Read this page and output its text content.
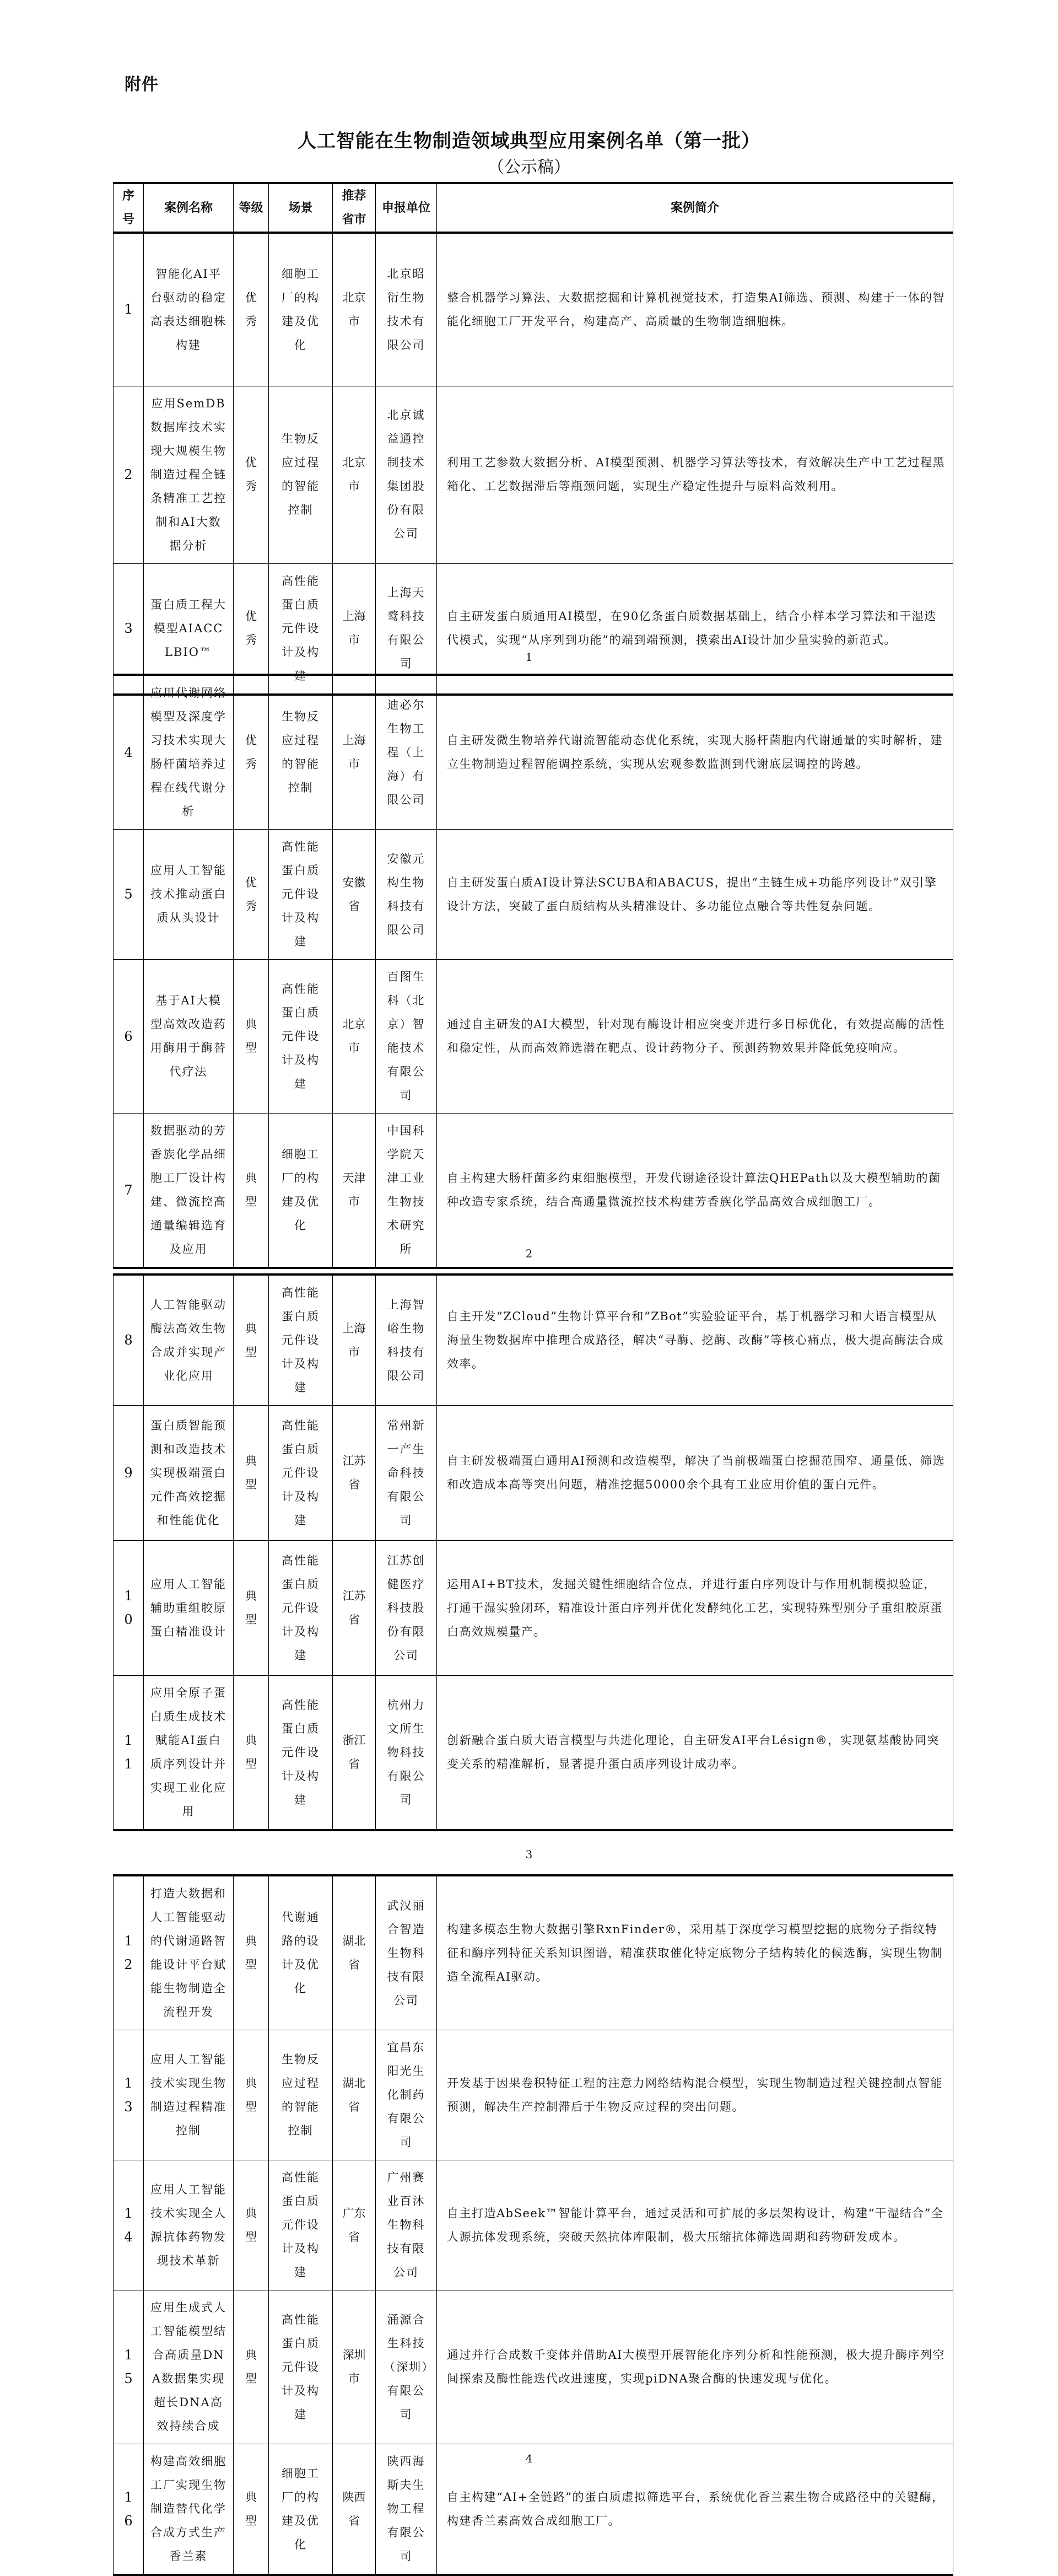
附件
人工智能在生物制造领域典型应用案例名单（第一批）
（公示稿）
序号	案例名称	等级	场景	推荐省市	申报单位	案例简介
1	智能化AI平台驱动的稳定高表达细胞株构建	优秀	细胞工厂的构建及优化	北京市	北京昭衍生物技术有限公司	整合机器学习算法、大数据挖掘和计算机视觉技术，打造集AI筛选、预测、构建于一体的智能化细胞工厂开发平台，构建高产、高质量的生物制造细胞株。
2	应用SemDB数据库技术实现大规模生物制造过程全链条精准工艺控制和AI大数据分析	优秀	生物反应过程的智能控制	北京市	北京诚益通控制技术集团股份有限公司	利用工艺参数大数据分析、AI模型预测、机器学习算法等技术，有效解决生产中工艺过程黑箱化、工艺数据滞后等瓶颈问题，实现生产稳定性提升与原料高效利用。
3	蛋白质工程大模型AIACCLBIO™	优秀	高性能蛋白质元件设计及构建	上海市	上海天鹜科技有限公司	自主研发蛋白质通用AI模型，在90亿条蛋白质数据基础上，结合小样本学习算法和干湿迭代模式，实现“从序列到功能”的端到端预测，摸索出AI设计加少量实验的新范式。
1
4	应用代谢网络模型及深度学习技术实现大肠杆菌培养过程在线代谢分析	优秀	生物反应过程的智能控制	上海市	迪必尔生物工程（上海）有限公司	自主研发微生物培养代谢流智能动态优化系统，实现大肠杆菌胞内代谢通量的实时解析，建立生物制造过程智能调控系统，实现从宏观参数监测到代谢底层调控的跨越。
5	应用人工智能技术推动蛋白质从头设计	优秀	高性能蛋白质元件设计及构建	安徽省	安徽元构生物科技有限公司	自主研发蛋白质AI设计算法SCUBA和ABACUS，提出“主链生成+功能序列设计”双引擎设计方法，突破了蛋白质结构从头精准设计、多功能位点融合等共性复杂问题。
6	基于AI大模型高效改造药用酶用于酶替代疗法	典型	高性能蛋白质元件设计及构建	北京市	百图生科（北京）智能技术有限公司	通过自主研发的AI大模型，针对现有酶设计相应突变并进行多目标优化，有效提高酶的活性和稳定性，从而高效筛选潜在靶点、设计药物分子、预测药物效果并降低免疫响应。
7	数据驱动的芳香族化学品细胞工厂设计构建、微流控高通量编辑选育及应用	典型	细胞工厂的构建及优化	天津市	中国科学院天津工业生物技术研究所	自主构建大肠杆菌多约束细胞模型，开发代谢途径设计算法QHEPath以及大模型辅助的菌种改造专家系统，结合高通量微流控技术构建芳香族化学品高效合成细胞工厂。
2
8	人工智能驱动酶法高效生物合成并实现产业化应用	典型	高性能蛋白质元件设计及构建	上海市	上海智峪生物科技有限公司	自主开发“ZCloud”生物计算平台和“ZBot”实验验证平台，基于机器学习和大语言模型从海量生物数据库中推理合成路径，解决“寻酶、挖酶、改酶”等核心痛点，极大提高酶法合成效率。
9	蛋白质智能预测和改造技术实现极端蛋白元件高效挖掘和性能优化	典型	高性能蛋白质元件设计及构建	江苏省	常州新一产生命科技有限公司	自主研发极端蛋白通用AI预测和改造模型，解决了当前极端蛋白挖掘范围窄、通量低、筛选和改造成本高等突出问题，精准挖掘50000余个具有工业应用价值的蛋白元件。
10	应用人工智能辅助重组胶原蛋白精准设计	典型	高性能蛋白质元件设计及构建	江苏省	江苏创健医疗科技股份有限公司	运用AI+BT技术，发掘关键性细胞结合位点，并进行蛋白序列设计与作用机制模拟验证，打通干湿实验闭环，精准设计蛋白序列并优化发酵纯化工艺，实现特殊型别分子重组胶原蛋白高效规模量产。
11	应用全原子蛋白质生成技术赋能AI蛋白质序列设计并实现工业化应用	典型	高性能蛋白质元件设计及构建	浙江省	杭州力文所生物科技有限公司	创新融合蛋白质大语言模型与共进化理论，自主研发AI平台Lésign®，实现氨基酸协同突变关系的精准解析，显著提升蛋白质序列设计成功率。
3
12	打造大数据和人工智能驱动的代谢通路智能设计平台赋能生物制造全流程开发	典型	代谢通路的设计及优化	湖北省	武汉丽合智造生物科技有限公司	构建多模态生物大数据引擎RxnFinder®，采用基于深度学习模型挖掘的底物分子指纹特征和酶序列特征关系知识图谱，精准获取催化特定底物分子结构转化的候选酶，实现生物制造全流程AI驱动。
13	应用人工智能技术实现生物制造过程精准控制	典型	生物反应过程的智能控制	湖北省	宜昌东阳光生化制药有限公司	开发基于因果卷积特征工程的注意力网络结构混合模型，实现生物制造过程关键控制点智能预测，解决生产控制滞后于生物反应过程的突出问题。
14	应用人工智能技术实现全人源抗体药物发现技术革新	典型	高性能蛋白质元件设计及构建	广东省	广州赛业百沐生物科技有限公司	自主打造AbSeek™智能计算平台，通过灵活和可扩展的多层架构设计，构建“干湿结合”全人源抗体发现系统，突破天然抗体库限制，极大压缩抗体筛选周期和药物研发成本。
15	应用生成式人工智能模型结合高质量DNA数据集实现超长DNA高效持续合成	典型	高性能蛋白质元件设计及构建	深圳市	涌源合生科技（深圳）有限公司	通过并行合成数千变体并借助AI大模型开展智能化序列分析和性能预测，极大提升酶序列空间探索及酶性能迭代改进速度，实现piDNA聚合酶的快速发现与优化。
16	构建高效细胞工厂实现生物制造替代化学合成方式生产香兰素	典型	细胞工厂的构建及优化	陕西省	陕西海斯夫生物工程有限公司	自主构建“AI+全链路”的蛋白质虚拟筛选平台，系统优化香兰素生物合成路径中的关键酶，构建香兰素高效合成细胞工厂。
4
